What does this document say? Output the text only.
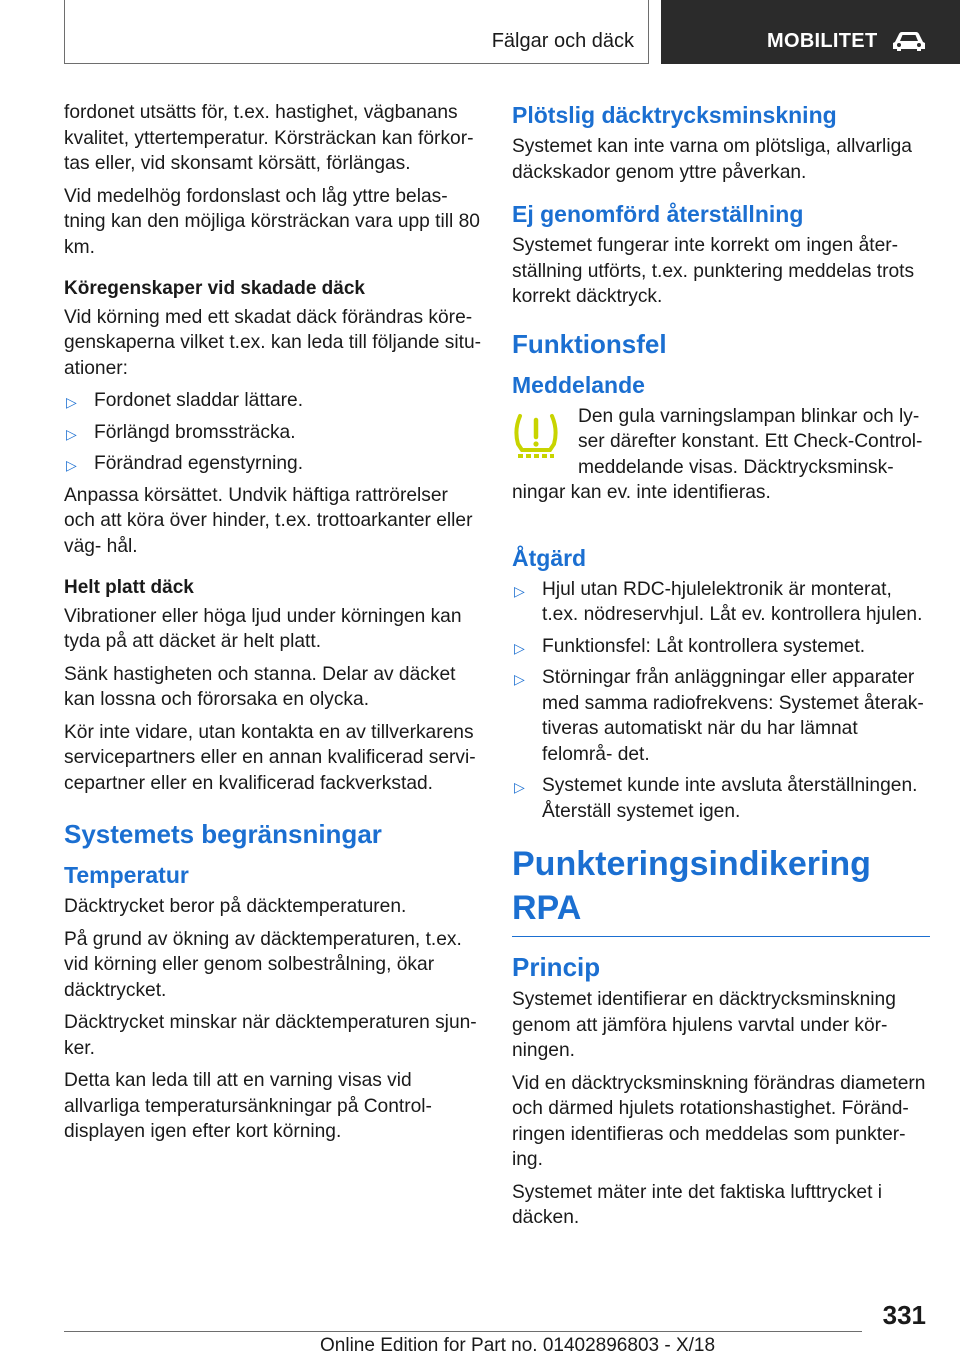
Fälgar och däck	MOBILITET

fordonet utsätts för, t.ex. hastighet, vägbanans kvalitet, yttertemperatur. Körsträckan kan förkor- tas eller, vid skonsamt körsätt, förlängas.

Vid medelhög fordonslast och låg yttre belas- tning kan den möjliga körsträckan vara upp till 80 km.

Köregenskaper vid skadade däck

Vid körning med ett skadat däck förändras köre- genskaperna vilket t.ex. kan leda till följande situ- ationer:

▷ Fordonet sladdar lättare.
▷ Förlängd bromssträcka.
▷ Förändrad egenstyrning.

Anpassa körsättet. Undvik häftiga rattrörelser och att köra över hinder, t.ex. trottoarkanter eller väg- hål.

Helt platt däck

Vibrationer eller höga ljud under körningen kan tyda på att däcket är helt platt.

Sänk hastigheten och stanna. Delar av däcket kan lossna och förorsaka en olycka.

Kör inte vidare, utan kontakta en av tillverkarens servicepartners eller en annan kvalificerad servi- cepartner eller en kvalificerad fackverkstad.

Systemets begränsningar
Temperatur

Däcktrycket beror på däcktemperaturen.

På grund av ökning av däcktemperaturen, t.ex. vid körning eller genom solbestrålning, ökar däcktrycket.

Däcktrycket minskar när däcktemperaturen sjun- ker.

Detta kan leda till att en varning visas vid allvarliga temperatursänkningar på Control-displayen igen efter kort körning.

Plötslig däcktrycksminskning

Systemet kan inte varna om plötsliga, allvarliga däckskador genom yttre påverkan.

Ej genomförd återställning

Systemet fungerar inte korrekt om ingen åter- ställning utförts, t.ex. punktering meddelas trots korrekt däcktryck.

Funktionsfel
Meddelande

Den gula varningslampan blinkar och ly- ser därefter konstant. Ett Check-Control- meddelande visas. Däcktrycksminsk- ningar kan ev. inte identifieras.

Åtgärd
▷ Hjul utan RDC-hjulelektronik är monterat, t.ex. nödreservhjul. Låt ev. kontrollera hjulen.
▷ Funktionsfel: Låt kontrollera systemet.
▷ Störningar från anläggningar eller apparater med samma radiofrekvens: Systemet återak- tiveras automatiskt när du har lämnat felområ- det.
▷ Systemet kunde inte avsluta återställningen. Återställ systemet igen.
Punkteringsindikering RPA
Princip

Systemet identifierar en däcktrycksminskning genom att jämföra hjulens varvtal under kör- ningen.

Vid en däcktrycksminskning förändras diametern och därmed hjulets rotationshastighet. Föränd- ringen identifieras och meddelas som punkter- ing.

Systemet mäter inte det faktiska lufttrycket i däcken.

331
Online Edition for Part no. 01402896803 - X/18
